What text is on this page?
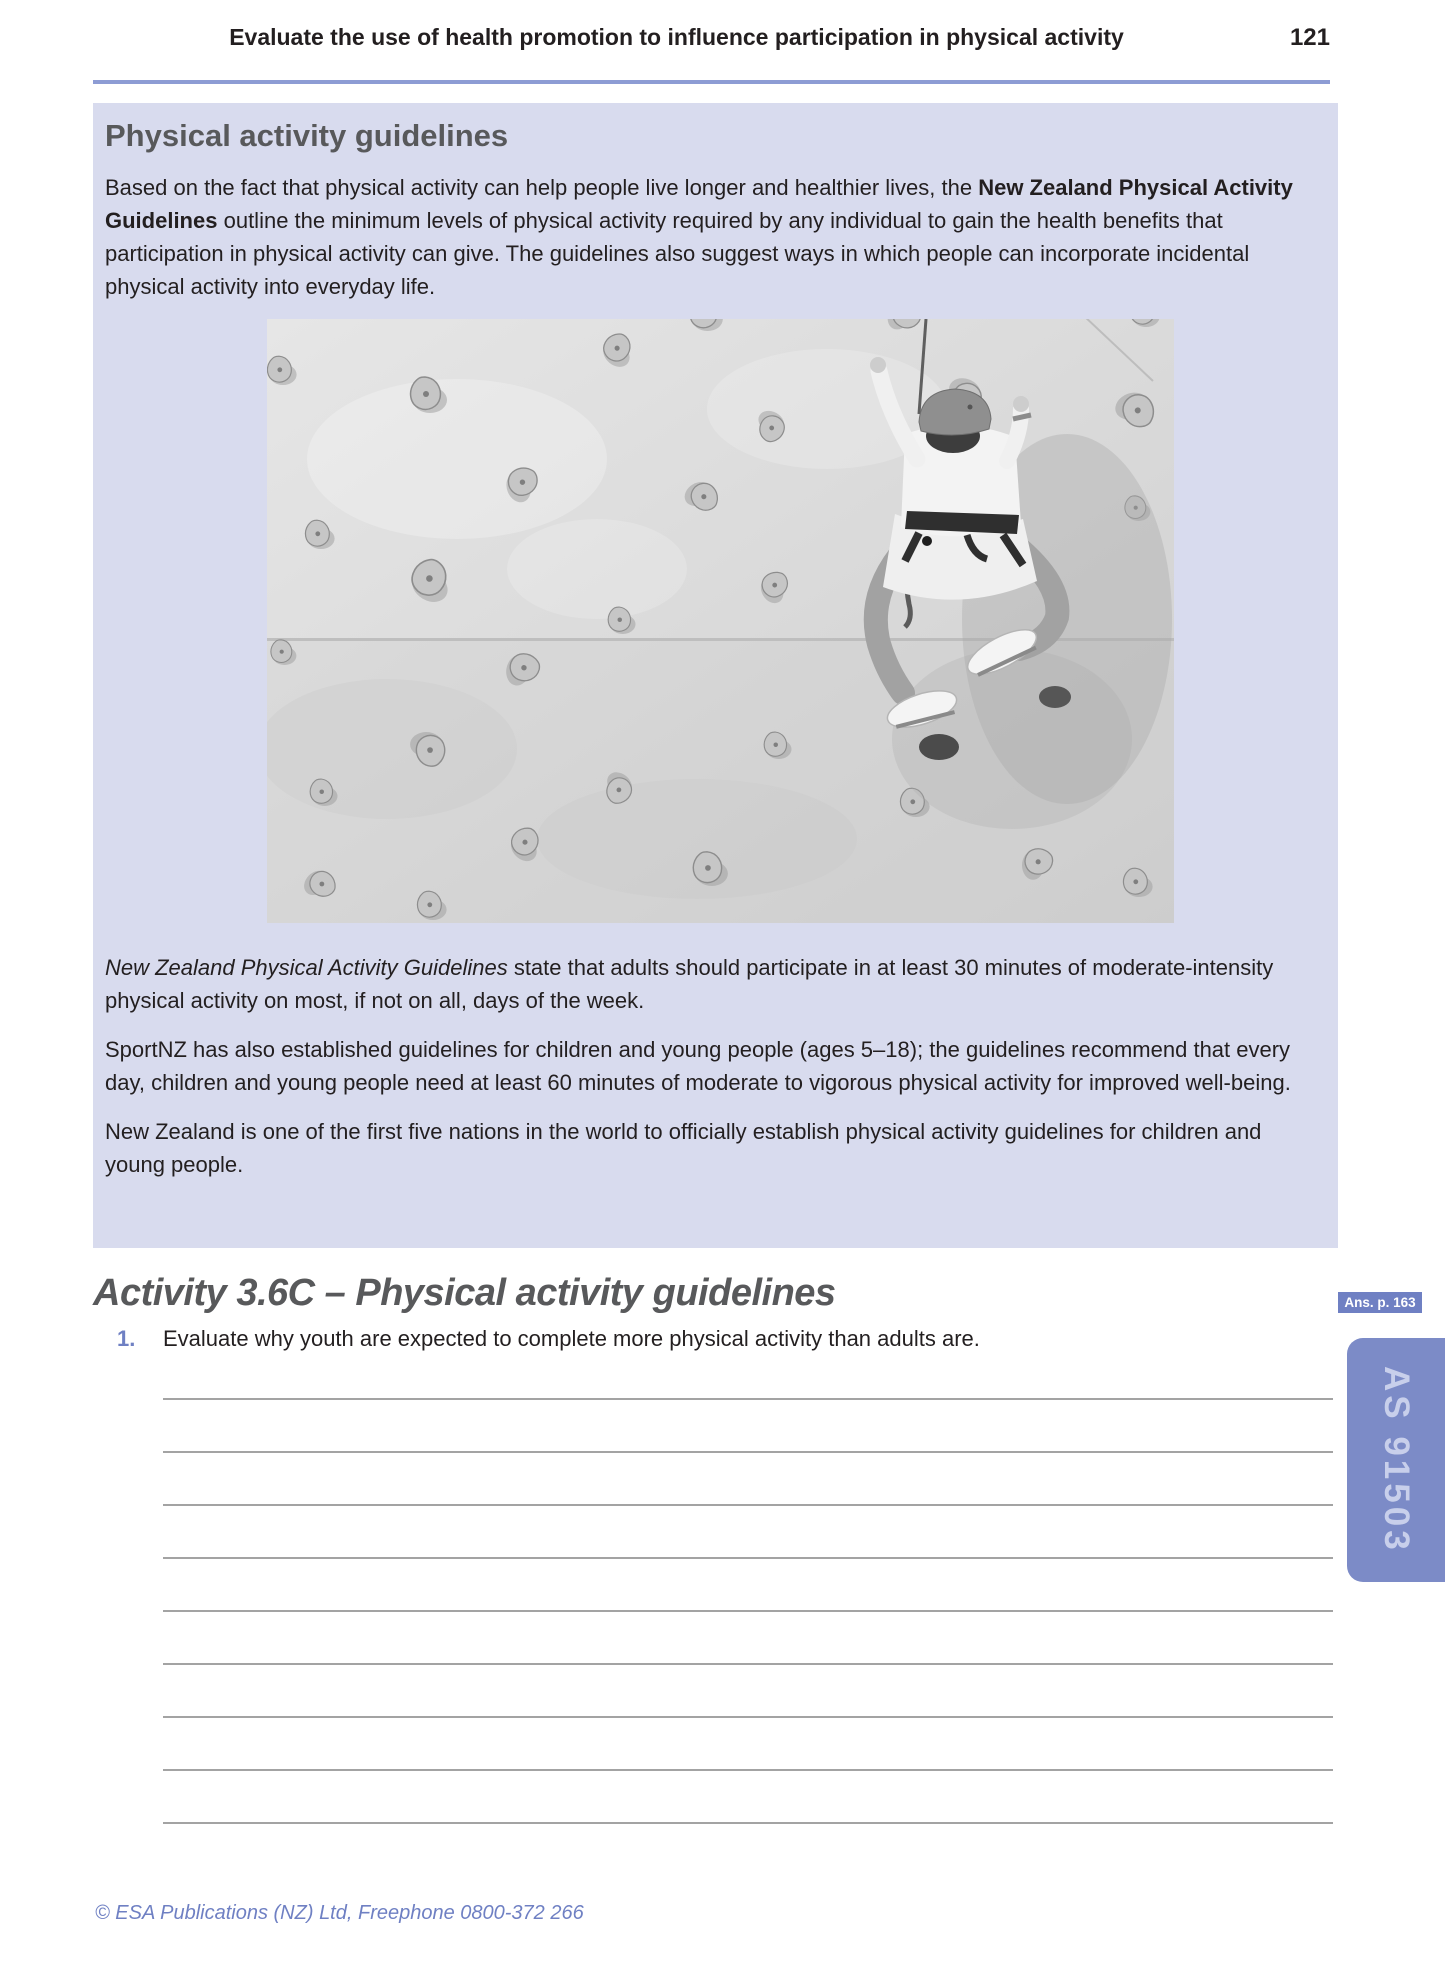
Evaluate the use of health promotion to influence participation in physical activity	121
Physical activity guidelines

Based on the fact that physical activity can help people live longer and healthier lives, the New Zealand Physical Activity Guidelines outline the minimum levels of physical activity required by any individual to gain the health benefits that participation in physical activity can give. The guidelines also suggest ways in which people can incorporate incidental physical activity into everyday life.

New Zealand Physical Activity Guidelines state that adults should participate in at least 30 minutes of moderate-intensity physical activity on most, if not on all, days of the week.

SportNZ has also established guidelines for children and young people (ages 5–18); the guidelines recommend that every day, children and young people need at least 60 minutes of moderate to vigorous physical activity for improved well-being.

New Zealand is one of the first five nations in the world to officially establish physical activity guidelines for children and young people.

Activity 3.6C – Physical activity guidelines	Ans. p. 163
1.	Evaluate why youth are expected to complete more physical activity than adults are.
AS 91503
© ESA Publications (NZ) Ltd, Freephone 0800-372 266
